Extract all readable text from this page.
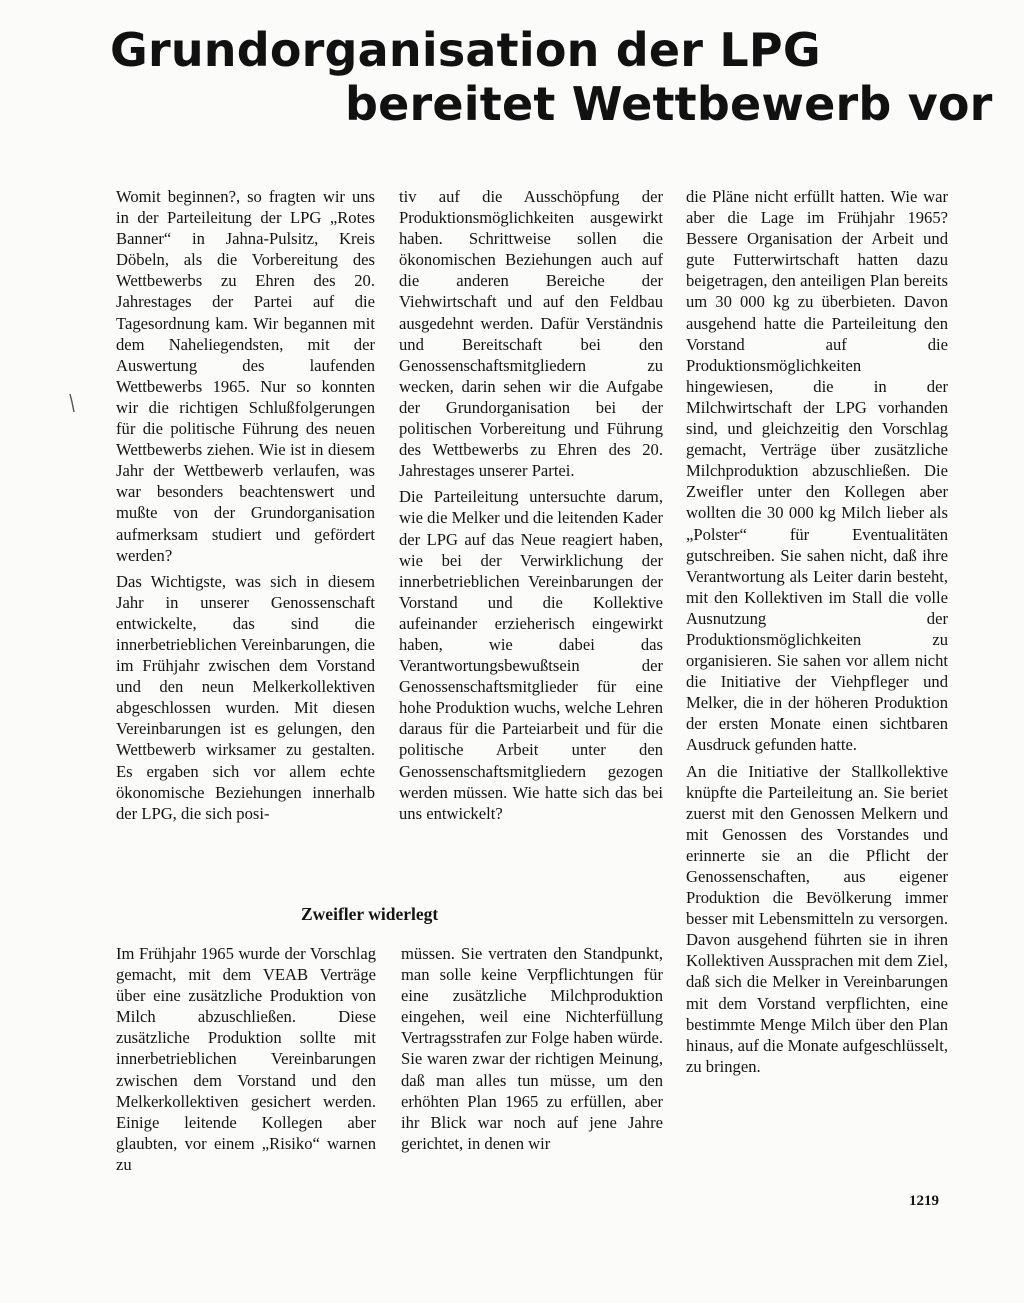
Grundorganisation der LPG
bereitet Wettbewerb vor

Womit beginnen?, so fragten wir uns in der Parteileitung der LPG „Rotes Banner“ in Jahna-Pulsitz, Kreis Döbeln, als die Vorbereitung des Wettbewerbs zu Ehren des 20. Jahrestages der Partei auf die Tagesordnung kam. Wir begannen mit dem Naheliegendsten, mit der Auswertung des laufenden Wettbewerbs 1965. Nur so konnten wir die richtigen Schlußfolgerungen für die politische Führung des neuen Wettbewerbs ziehen. Wie ist in diesem Jahr der Wettbewerb verlaufen, was war besonders beachtenswert und mußte von der Grundorganisation aufmerksam studiert und gefördert werden?

Das Wichtigste, was sich in diesem Jahr in unserer Genossenschaft entwickelte, das sind die innerbetrieblichen Vereinbarungen, die im Frühjahr zwischen dem Vorstand und den neun Melkerkollektiven abgeschlossen wurden. Mit diesen Vereinbarungen ist es gelungen, den Wettbewerb wirksamer zu gestalten. Es ergaben sich vor allem echte ökonomische Beziehungen innerhalb der LPG, die sich posi-

tiv auf die Ausschöpfung der Produktionsmöglichkeiten ausgewirkt haben. Schrittweise sollen die ökonomischen Beziehungen auch auf die anderen Bereiche der Viehwirtschaft und auf den Feldbau ausgedehnt werden. Dafür Verständnis und Bereitschaft bei den Genossenschaftsmitgliedern zu wecken, darin sehen wir die Aufgabe der Grundorganisation bei der politischen Vorbereitung und Führung des Wettbewerbs zu Ehren des 20. Jahrestages unserer Partei.

Die Parteileitung untersuchte darum, wie die Melker und die leitenden Kader der LPG auf das Neue reagiert haben, wie bei der Verwirklichung der innerbetrieblichen Vereinbarungen der Vorstand und die Kollektive aufeinander erzieherisch eingewirkt haben, wie dabei das Verantwortungsbewußtsein der Genossenschaftsmitglieder für eine hohe Produktion wuchs, welche Lehren daraus für die Parteiarbeit und für die politische Arbeit unter den Genossenschaftsmitgliedern gezogen werden müssen. Wie hatte sich das bei uns entwickelt?

die Pläne nicht erfüllt hatten. Wie war aber die Lage im Frühjahr 1965? Bessere Organisation der Arbeit und gute Futterwirtschaft hatten dazu beigetragen, den anteiligen Plan bereits um 30 000 kg zu überbieten. Davon ausgehend hatte die Parteileitung den Vorstand auf die Produktionsmöglichkeiten hingewiesen, die in der Milchwirtschaft der LPG vorhanden sind, und gleichzeitig den Vorschlag gemacht, Verträge über zusätzliche Milchproduktion abzuschließen. Die Zweifler unter den Kollegen aber wollten die 30 000 kg Milch lieber als „Polster“ für Eventualitäten gutschreiben. Sie sahen nicht, daß ihre Verantwortung als Leiter darin besteht, mit den Kollektiven im Stall die volle Ausnutzung der Produktionsmöglichkeiten zu organisieren. Sie sahen vor allem nicht die Initiative der Viehpfleger und Melker, die in der höheren Produktion der ersten Monate einen sichtbaren Ausdruck gefunden hatte.

An die Initiative der Stallkollektive knüpfte die Parteileitung an. Sie beriet zuerst mit den Genossen Melkern und mit Genossen des Vorstandes und erinnerte sie an die Pflicht der Genossenschaften, aus eigener Produktion die Bevölkerung immer besser mit Lebensmitteln zu versorgen. Davon ausgehend führten sie in ihren Kollektiven Aussprachen mit dem Ziel, daß sich die Melker in Vereinbarungen mit dem Vorstand verpflichten, eine bestimmte Menge Milch über den Plan hinaus, auf die Monate aufgeschlüsselt, zu bringen.

Zweifler widerlegt

Im Frühjahr 1965 wurde der Vorschlag gemacht, mit dem VEAB Verträge über eine zusätzliche Produktion von Milch abzuschließen. Diese zusätzliche Produktion sollte mit innerbetrieblichen Vereinbarungen zwischen dem Vorstand und den Melkerkollektiven gesichert werden. Einige leitende Kollegen aber glaubten, vor einem „Risiko“ warnen zu

müssen. Sie vertraten den Standpunkt, man solle keine Verpflichtungen für eine zusätzliche Milchproduktion eingehen, weil eine Nichterfüllung Vertragsstrafen zur Folge haben würde. Sie waren zwar der richtigen Meinung, daß man alles tun müsse, um den erhöhten Plan 1965 zu erfüllen, aber ihr Blick war noch auf jene Jahre gerichtet, in denen wir

1219
